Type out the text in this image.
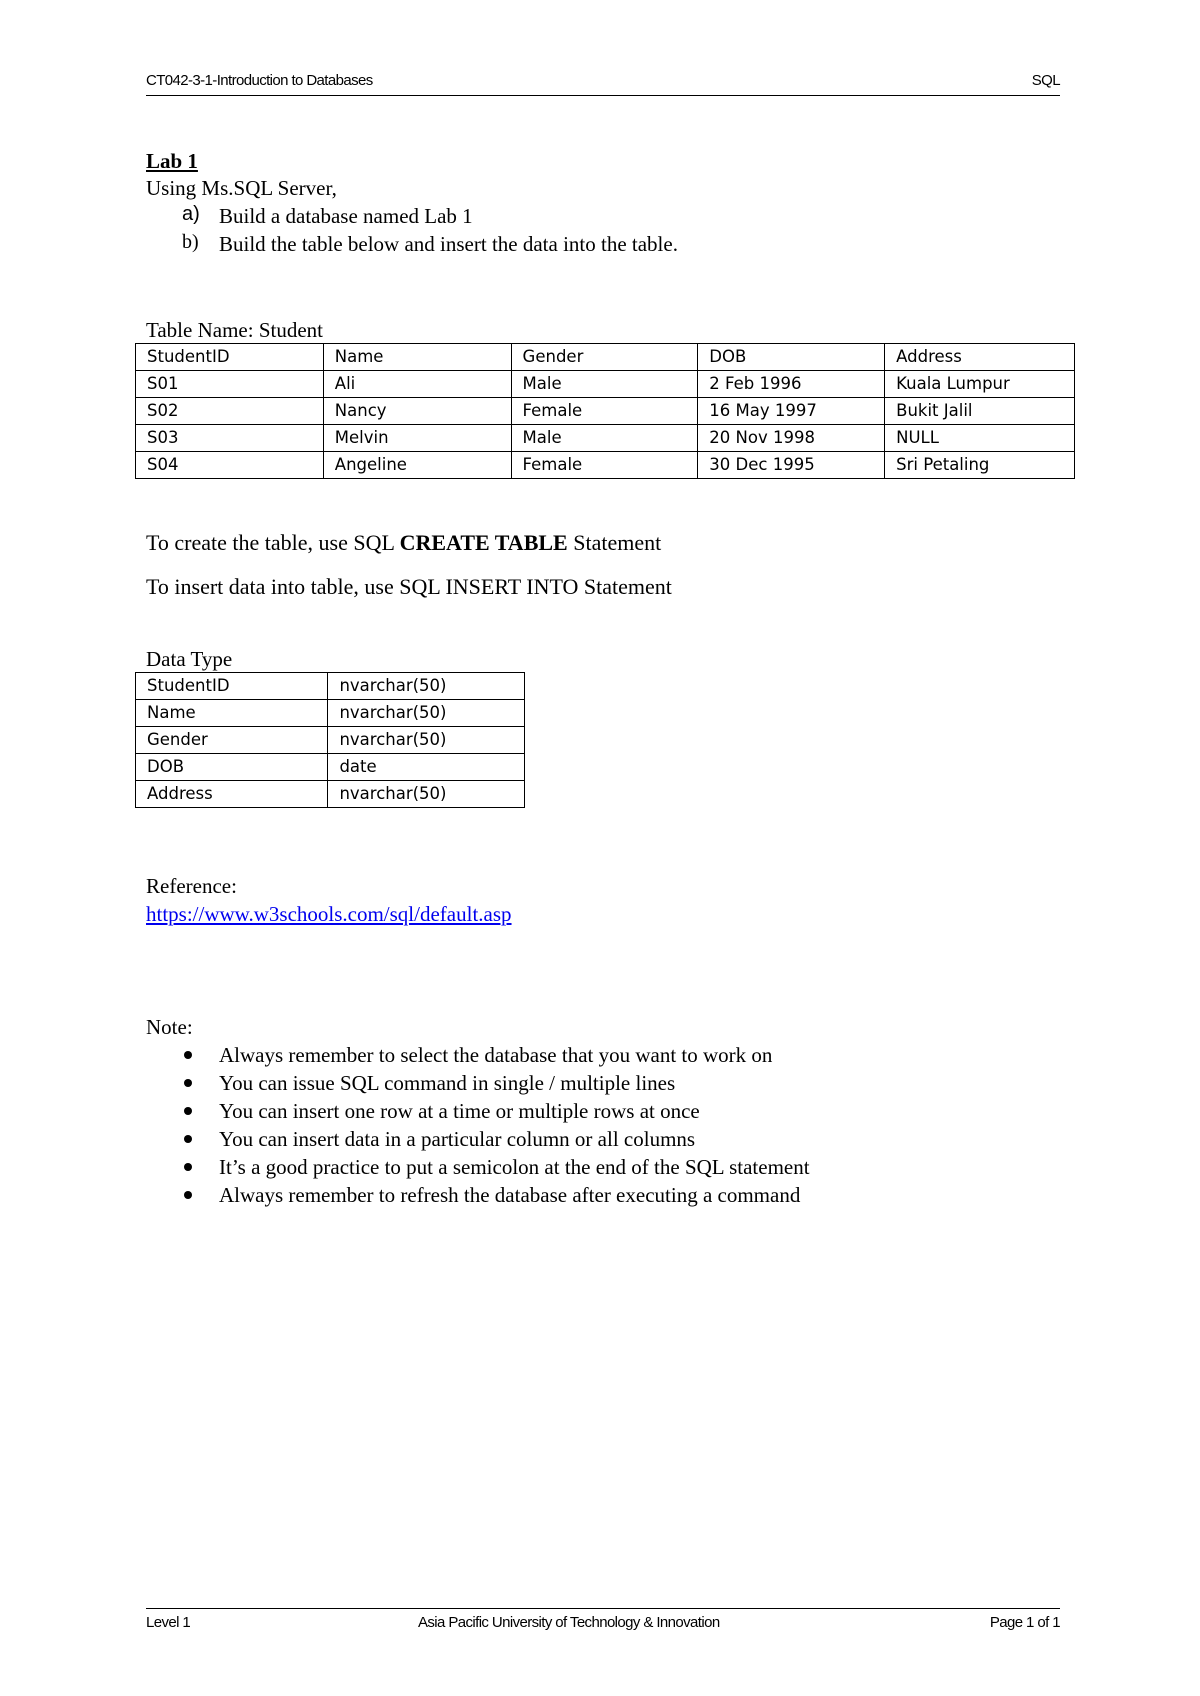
CT042-3-1-Introduction to Databases	SQL
Lab 1
Using Ms.SQL Server,
a) Build a database named Lab 1
b) Build the table below and insert the data into the table.
Table Name: Student
StudentID	Name	Gender	DOB	Address
S01	Ali	Male	2 Feb 1996	Kuala Lumpur
S02	Nancy	Female	16 May 1997	Bukit Jalil
S03	Melvin	Male	20 Nov 1998	NULL
S04	Angeline	Female	30 Dec 1995	Sri Petaling
To create the table, use SQL CREATE TABLE Statement
To insert data into table, use SQL INSERT INTO Statement
Data Type
StudentID	nvarchar(50)
Name	nvarchar(50)
Gender	nvarchar(50)
DOB	date
Address	nvarchar(50)
Reference:
https://www.w3schools.com/sql/default.asp
Note:
Always remember to select the database that you want to work on
You can issue SQL command in single / multiple lines
You can insert one row at a time or multiple rows at once
You can insert data in a particular column or all columns
It’s a good practice to put a semicolon at the end of the SQL statement
Always remember to refresh the database after executing a command
Level 1	Asia Pacific University of Technology & Innovation	Page 1 of 1
